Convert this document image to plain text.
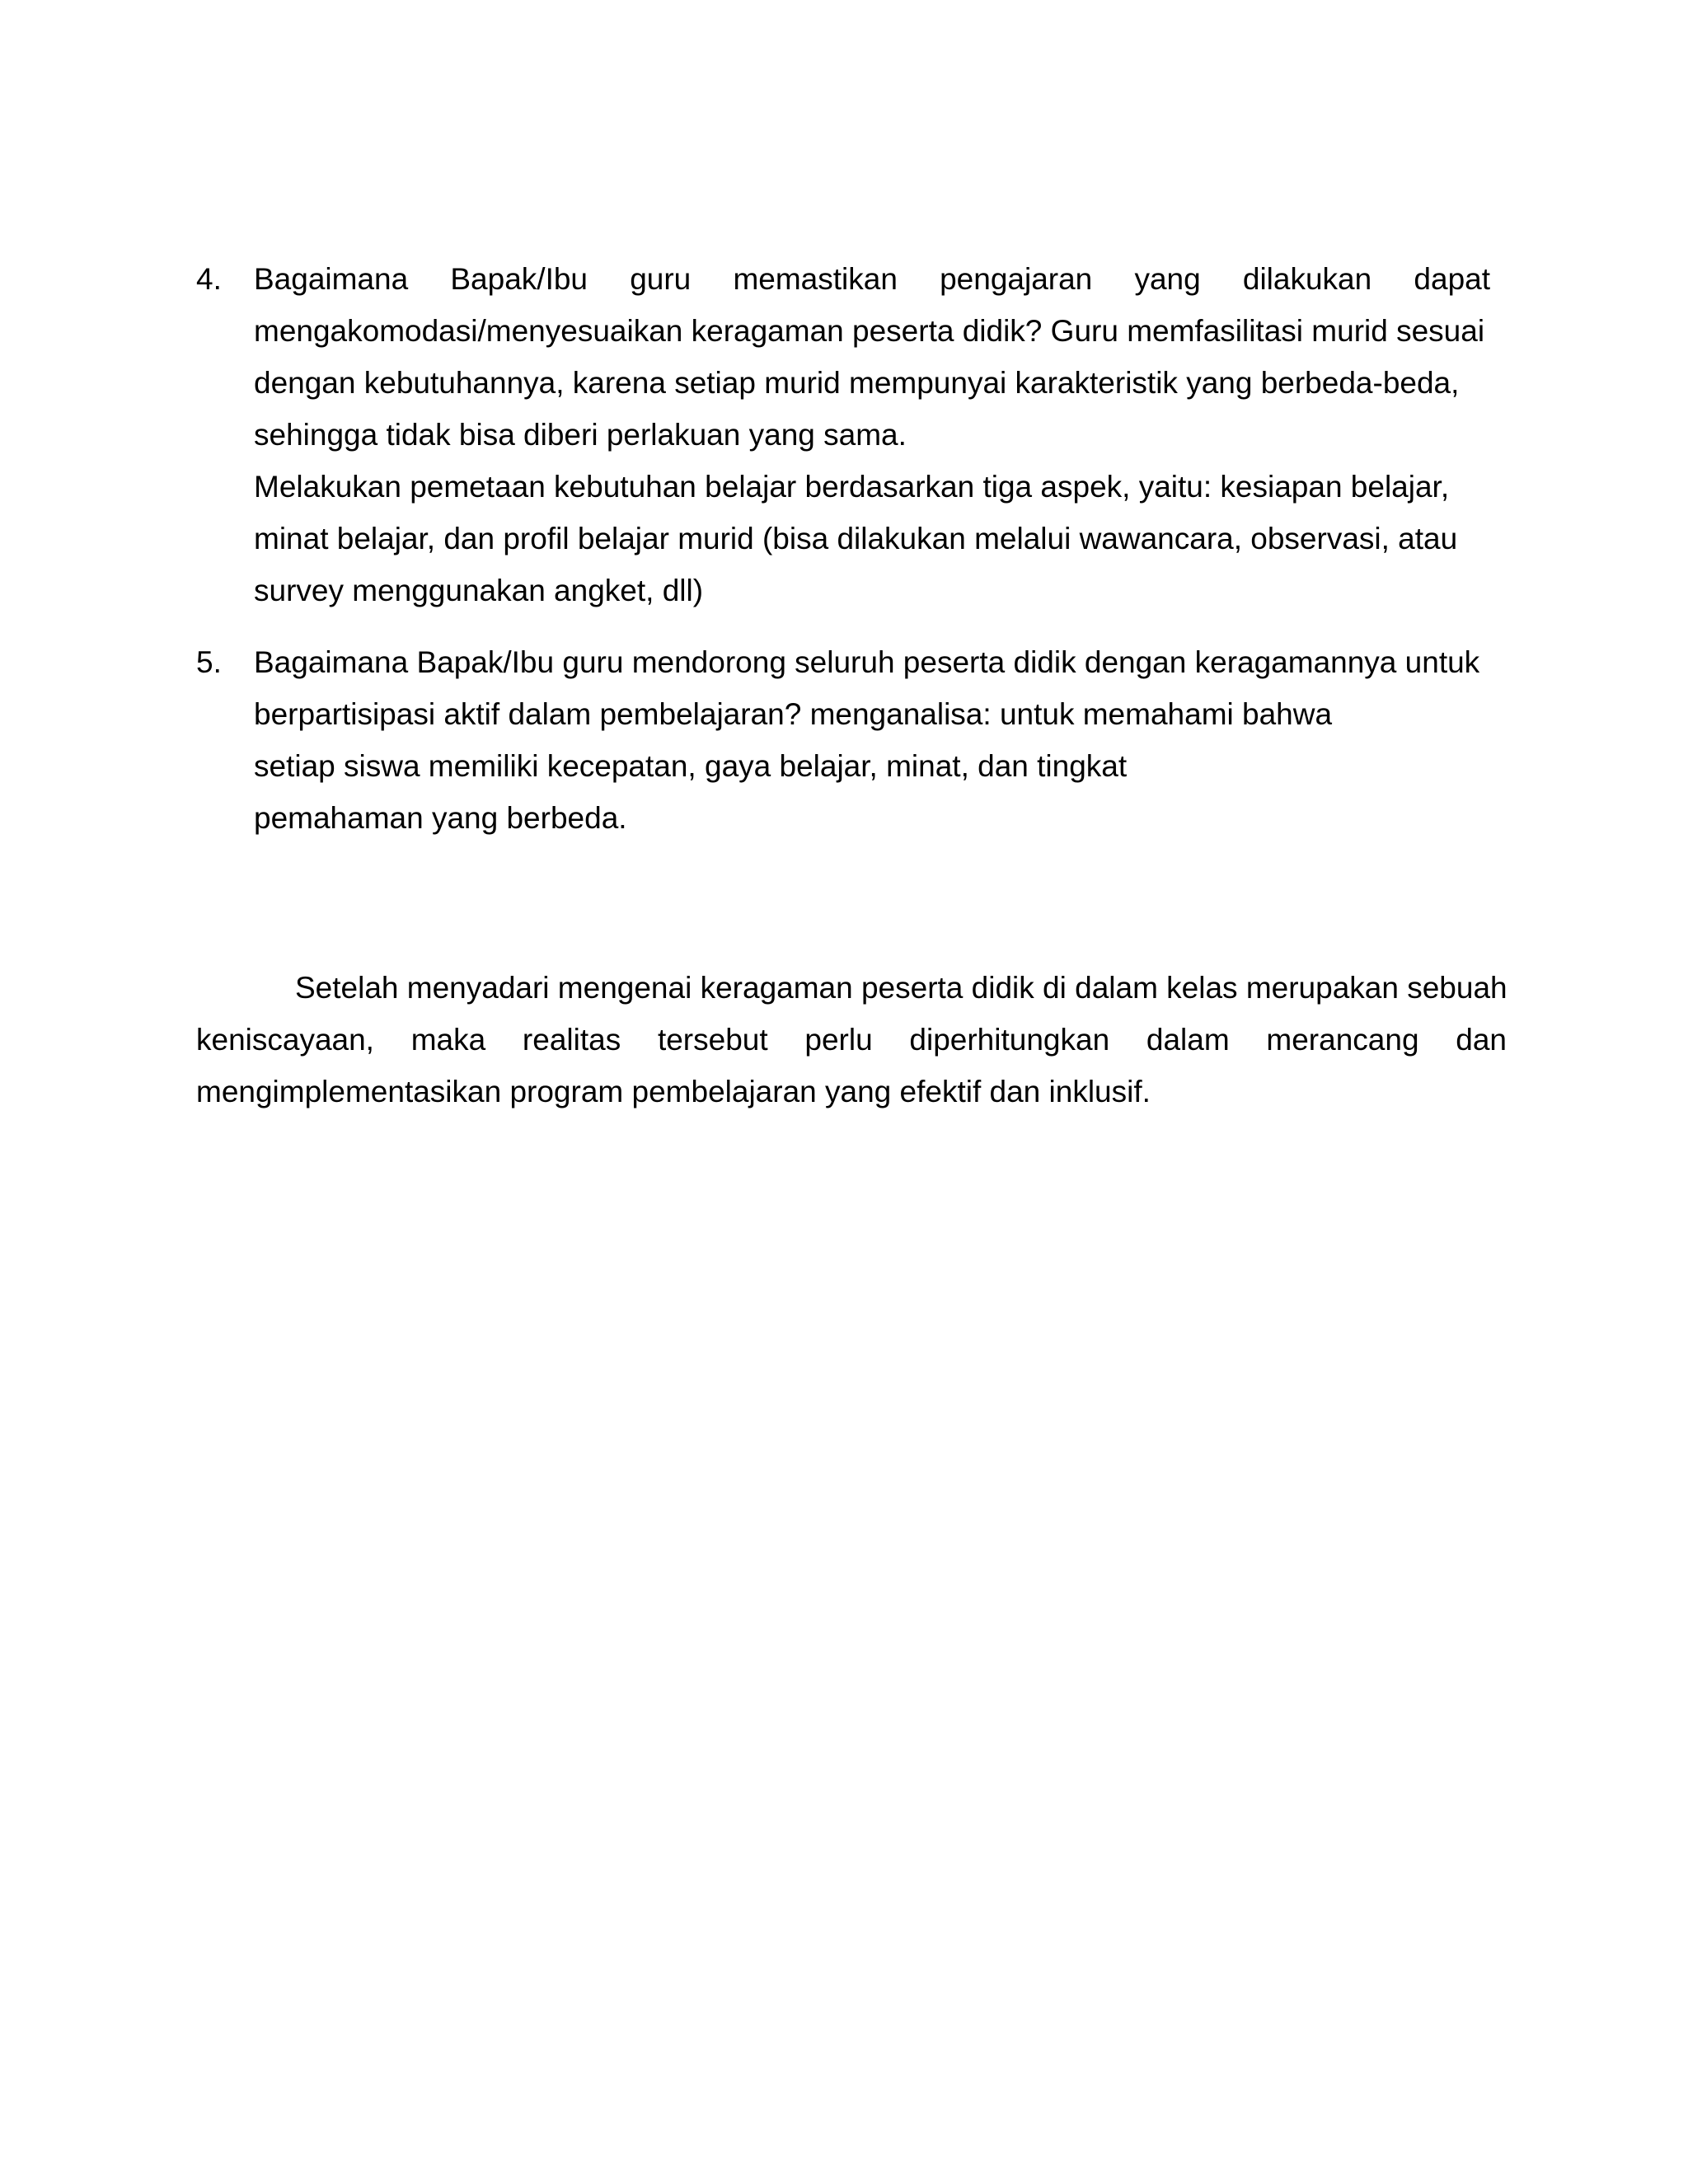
4.	Bagaimana Bapak/Ibu guru memastikan pengajaran yang dilakukan dapat
mengakomodasi/menyesuaikan keragaman peserta didik? Guru memfasilitasi murid sesuai
dengan kebutuhannya, karena setiap murid mempunyai karakteristik yang berbeda-beda,
sehingga tidak bisa diberi perlakuan yang sama.
Melakukan pemetaan kebutuhan belajar berdasarkan tiga aspek, yaitu: kesiapan belajar,
minat belajar, dan profil belajar murid (bisa dilakukan melalui wawancara, observasi, atau
survey menggunakan angket, dll)
5.	Bagaimana Bapak/Ibu guru mendorong seluruh peserta didik dengan keragamannya untuk
berpartisipasi aktif dalam pembelajaran? menganalisa: untuk memahami bahwa
setiap siswa memiliki kecepatan, gaya belajar, minat, dan tingkat
pemahaman yang berbeda.

Setelah menyadari mengenai keragaman peserta didik di dalam kelas merupakan sebuah
keniscayaan, maka realitas tersebut perlu diperhitungkan dalam merancang dan
mengimplementasikan program pembelajaran yang efektif dan inklusif.
